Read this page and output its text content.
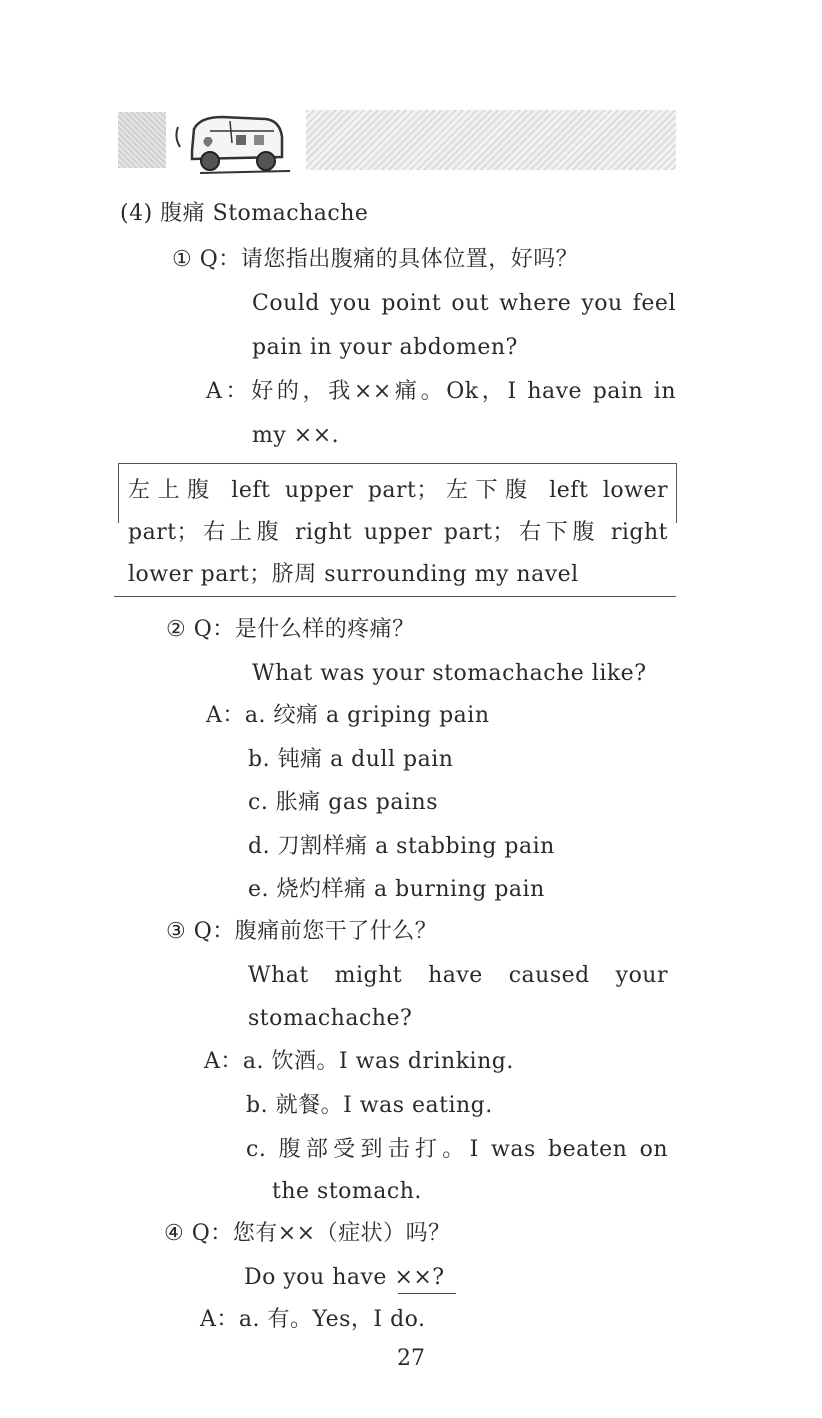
(4) 腹痛 Stomachache
① Q：请您指出腹痛的具体位置，好吗？
Could you point out where you feel
pain in your abdomen?
A：好的，我××痛。Ok，I have pain in
my ××.
左上腹 left upper part；左下腹 left lower
part；右上腹 right upper part；右下腹 right
lower part；脐周 surrounding my navel
② Q：是什么样的疼痛？
What was your stomachache like?
A：a. 绞痛 a griping pain
b. 钝痛 a dull pain
c. 胀痛 gas pains
d. 刀割样痛 a stabbing pain
e. 烧灼样痛 a burning pain
③ Q：腹痛前您干了什么？
What might have caused your
stomachache?
A：a. 饮酒。I was drinking.
b. 就餐。I was eating.
c. 腹部受到击打。I was beaten on
the stomach.
④ Q：您有××（症状）吗？
Do you have ××?
A：a. 有。Yes，I do.
27
